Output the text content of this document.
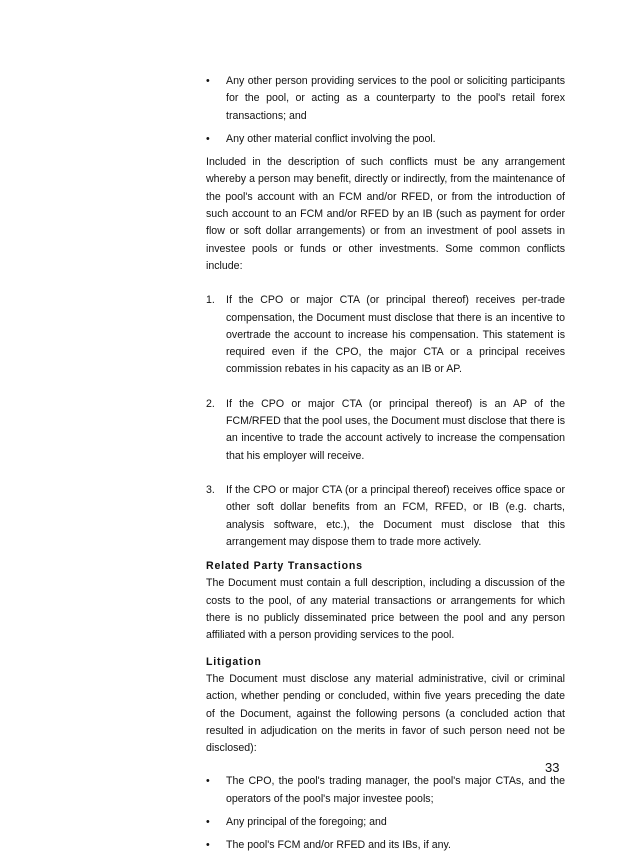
•	Any other person providing services to the pool or soliciting participants for the pool, or acting as a counterparty to the pool's retail forex transactions; and
•	Any other material conflict involving the pool.

Included in the description of such conflicts must be any arrangement whereby a person may benefit, directly or indirectly, from the maintenance of the pool's account with an FCM and/or RFED, or from the introduction of such account to an FCM and/or RFED by an IB (such as payment for order flow or soft dollar arrangements) or from an investment of pool assets in investee pools or funds or other investments. Some common conflicts include:

1. If the CPO or major CTA (or principal thereof) receives per-trade compensation, the Document must disclose that there is an incentive to overtrade the account to increase his compensation. This statement is required even if the CPO, the major CTA or a principal receives commission rebates in his capacity as an IB or AP.
2. If the CPO or major CTA (or principal thereof) is an AP of the FCM/RFED that the pool uses, the Document must disclose that there is an incentive to trade the account actively to increase the compensation that his employer will receive.
3. If the CPO or major CTA (or a principal thereof) receives office space or other soft dollar benefits from an FCM, RFED, or IB (e.g. charts, analysis software, etc.), the Document must disclose that this arrangement may dispose them to trade more actively.
Related Party Transactions

The Document must contain a full description, including a discussion of the costs to the pool, of any material transactions or arrangements for which there is no publicly disseminated price between the pool and any person affiliated with a person providing services to the pool.

Litigation

The Document must disclose any material administrative, civil or criminal action, whether pending or concluded, within five years preceding the date of the Document, against the following persons (a concluded action that resulted in adjudication on the merits in favor of such person need not be disclosed):

•	The CPO, the pool's trading manager, the pool's major CTAs, and the operators of the pool's major investee pools;
•	Any principal of the foregoing; and
•	The pool's FCM and/or RFED and its IBs, if any.
33
